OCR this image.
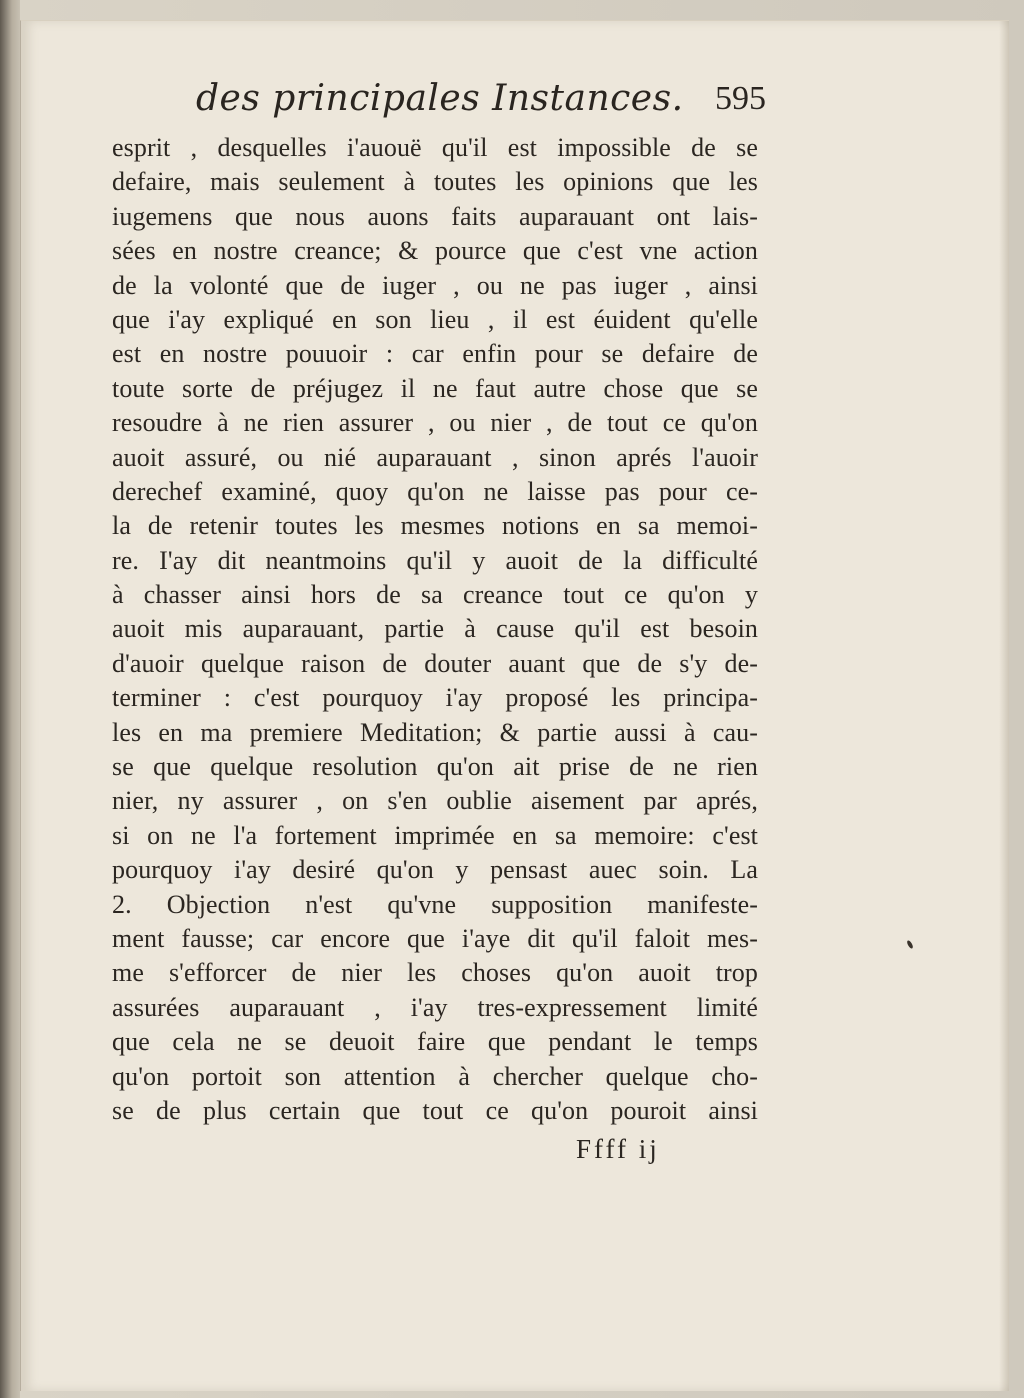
des principales Instances. 595
esprit , desquelles i'auouë qu'il est impossible de se
defaire, mais seulement à toutes les opinions que les
iugemens que nous auons faits auparauant ont lais-
sées en nostre creance; & pource que c'est vne action
de la volonté que de iuger , ou ne pas iuger , ainsi
que i'ay expliqué en son lieu , il est éuident qu'elle
est en nostre pouuoir : car enfin pour se defaire de
toute sorte de préjugez il ne faut autre chose que se
resoudre à ne rien assurer , ou nier , de tout ce qu'on
auoit assuré, ou nié auparauant , sinon aprés l'auoir
derechef examiné, quoy qu'on ne laisse pas pour ce-
la de retenir toutes les mesmes notions en sa memoi-
re. I'ay dit neantmoins qu'il y auoit de la difficulté
à chasser ainsi hors de sa creance tout ce qu'on y
auoit mis auparauant, partie à cause qu'il est besoin
d'auoir quelque raison de douter auant que de s'y de-
terminer : c'est pourquoy i'ay proposé les principa-
les en ma premiere Meditation; & partie aussi à cau-
se que quelque resolution qu'on ait prise de ne rien
nier, ny assurer , on s'en oublie aisement par aprés,
si on ne l'a fortement imprimée en sa memoire: c'est
pourquoy i'ay desiré qu'on y pensast auec soin. La
2. Objection n'est qu'vne supposition manifeste-
ment fausse; car encore que i'aye dit qu'il faloit mes-
me s'efforcer de nier les choses qu'on auoit trop
assurées auparauant , i'ay tres-expressement limité
que cela ne se deuoit faire que pendant le temps
qu'on portoit son attention à chercher quelque cho-
se de plus certain que tout ce qu'on pouroit ainsi
Ffff ij
